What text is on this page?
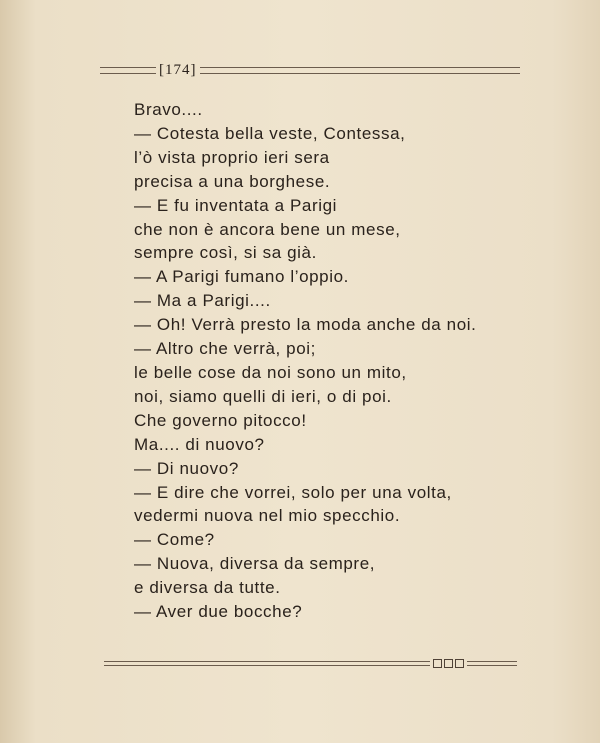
[174]
Bravo....
— Cotesta bella veste, Contessa,
l’ò vista proprio ieri sera
precisa a una borghese.
— E fu inventata a Parigi
che non è ancora bene un mese,
sempre così, si sa già.
— A Parigi fumano l’oppio.
— Ma a Parigi....
— Oh! Verrà presto la moda anche da noi.
— Altro che verrà, poi;
le belle cose da noi sono un mito,
noi, siamo quelli di ieri, o di poi.
Che governo pitocco!
Ma.... di nuovo?
— Di nuovo?
— E dire che vorrei, solo per una volta,
vedermi nuova nel mio specchio.
— Come?
— Nuova, diversa da sempre,
e diversa da tutte.
— Aver due bocche?
